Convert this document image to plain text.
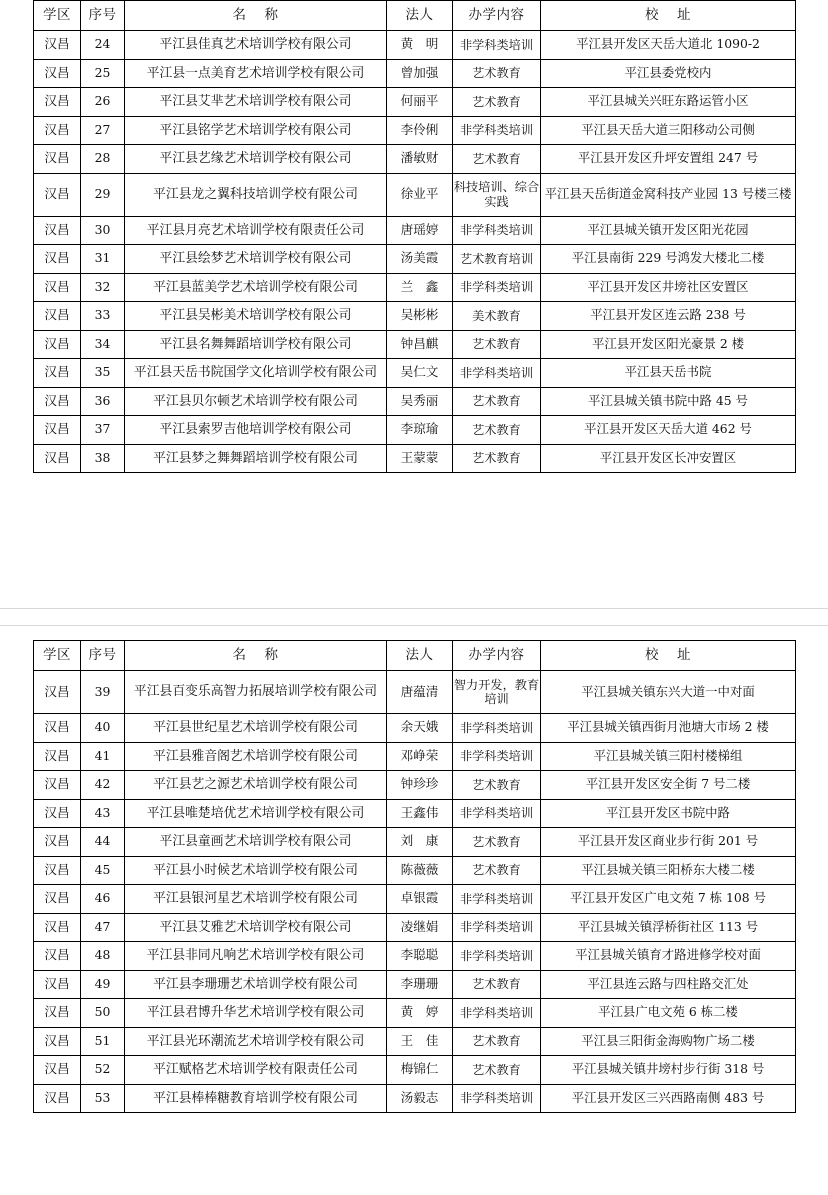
学区	序号	名 称	法人	办学内容	校 址
汉昌	24	平江县佳真艺术培训学校有限公司	黄　明	非学科类培训	平江县开发区天岳大道北 1090-2
汉昌	25	平江县一点美育艺术培训学校有限公司	曾加强	艺术教育	平江县委党校内
汉昌	26	平江县艾芈艺术培训学校有限公司	何丽平	艺术教育	平江县城关兴旺东路运管小区
汉昌	27	平江县铭学艺术培训学校有限公司	李伶俐	非学科类培训	平江县天岳大道三阳移动公司侧
汉昌	28	平江县艺缘艺术培训学校有限公司	潘敏财	艺术教育	平江县开发区升坪安置组 247 号
汉昌	29	平江县龙之翼科技培训学校有限公司	徐业平	科技培训、综合实践	平江县天岳街道金窝科技产业园 13 号楼三楼
汉昌	30	平江县月亮艺术培训学校有限责任公司	唐瑶婷	非学科类培训	平江县城关镇开发区阳光花园
汉昌	31	平江县绘梦艺术培训学校有限公司	汤美霞	艺术教育培训	平江县南街 229 号鸿发大楼北二楼
汉昌	32	平江县蓝美学艺术培训学校有限公司	兰　鑫	非学科类培训	平江县开发区井塝社区安置区
汉昌	33	平江县吴彬美术培训学校有限公司	吴彬彬	美术教育	平江县开发区连云路 238 号
汉昌	34	平江县名舞舞蹈培训学校有限公司	钟昌麒	艺术教育	平江县开发区阳光豪景 2 楼
汉昌	35	平江县天岳书院国学文化培训学校有限公司	吴仁文	非学科类培训	平江县天岳书院
汉昌	36	平江县贝尔顿艺术培训学校有限公司	吴秀丽	艺术教育	平江县城关镇书院中路 45 号
汉昌	37	平江县索罗吉他培训学校有限公司	李琼瑜	艺术教育	平江县开发区天岳大道 462 号
汉昌	38	平江县梦之舞舞蹈培训学校有限公司	王蒙蒙	艺术教育	平江县开发区长冲安置区
学区	序号	名 称	法人	办学内容	校 址
汉昌	39	平江县百变乐高智力拓展培训学校有限公司	唐蕴清	智力开发，教育培训	平江县城关镇东兴大道一中对面
汉昌	40	平江县世纪星艺术培训学校有限公司	余天娥	非学科类培训	平江县城关镇西街月池塘大市场 2 楼
汉昌	41	平江县雅音阁艺术培训学校有限公司	邓峥荣	非学科类培训	平江县城关镇三阳村楼梯组
汉昌	42	平江县艺之源艺术培训学校有限公司	钟珍珍	艺术教育	平江县开发区安全街 7 号二楼
汉昌	43	平江县唯楚培优艺术培训学校有限公司	王鑫伟	非学科类培训	平江县开发区书院中路
汉昌	44	平江县童画艺术培训学校有限公司	刘　康	艺术教育	平江县开发区商业步行街 201 号
汉昌	45	平江县小时候艺术培训学校有限公司	陈薇薇	艺术教育	平江县城关镇三阳桥东大楼二楼
汉昌	46	平江县银河星艺术培训学校有限公司	卓银霞	非学科类培训	平江县开发区广电文苑 7 栋 108 号
汉昌	47	平江县艾雅艺术培训学校有限公司	凌继娟	非学科类培训	平江县城关镇浮桥街社区 113 号
汉昌	48	平江县非同凡响艺术培训学校有限公司	李聪聪	非学科类培训	平江县城关镇育才路进修学校对面
汉昌	49	平江县李珊珊艺术培训学校有限公司	李珊珊	艺术教育	平江县连云路与四柱路交汇处
汉昌	50	平江县君博升华艺术培训学校有限公司	黄　婷	非学科类培训	平江县广电文苑 6 栋二楼
汉昌	51	平江县光环潮流艺术培训学校有限公司	王　佳	艺术教育	平江县三阳街金海购物广场二楼
汉昌	52	平江赋格艺术培训学校有限责任公司	梅锦仁	艺术教育	平江县城关镇井塝村步行街 318 号
汉昌	53	平江县棒棒糖教育培训学校有限公司	汤毅志	非学科类培训	平江县开发区三兴西路南侧 483 号
